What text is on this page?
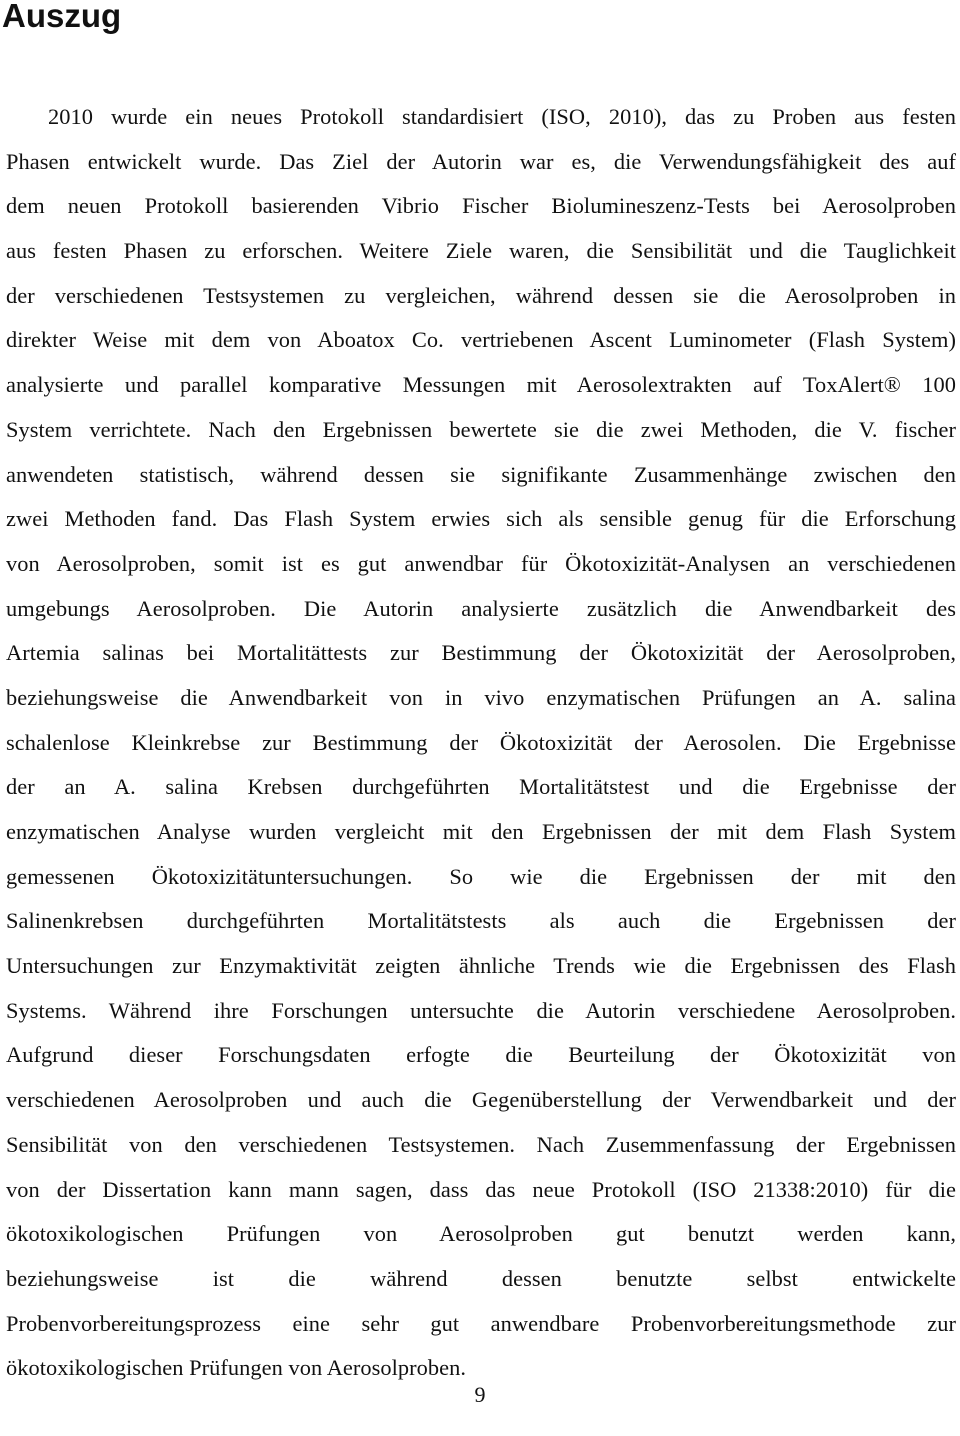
Auszug
2010 wurde ein neues Protokoll standardisiert (ISO, 2010), das zu Proben aus festen
Phasen entwickelt wurde. Das Ziel der Autorin war es, die Verwendungsfähigkeit des auf
dem neuen Protokoll basierenden Vibrio Fischer Biolumineszenz-Tests bei Aerosolproben
aus festen Phasen zu erforschen. Weitere Ziele waren, die Sensibilität und die Tauglichkeit
der verschiedenen Testsystemen zu vergleichen, während dessen sie die Aerosolproben in
direkter Weise mit dem von Aboatox Co. vertriebenen Ascent Luminometer (Flash System)
analysierte und parallel komparative Messungen mit Aerosolextrakten auf ToxAlert® 100
System verrichtete. Nach den Ergebnissen bewertete sie die zwei Methoden, die V. fischer
anwendeten statistisch, während dessen sie signifikante Zusammenhänge zwischen den
zwei Methoden fand. Das Flash System erwies sich als sensible genug für die Erforschung
von Aerosolproben, somit ist es gut anwendbar für Ökotoxizität-Analysen an verschiedenen
umgebungs Aerosolproben. Die Autorin analysierte zusätzlich die Anwendbarkeit des
Artemia salinas bei Mortalitättests zur Bestimmung der Ökotoxizität der Aerosolproben,
beziehungsweise die Anwendbarkeit von in vivo enzymatischen Prüfungen an A. salina
schalenlose Kleinkrebse zur Bestimmung der Ökotoxizität der Aerosolen. Die Ergebnisse
der an A. salina Krebsen durchgeführten Mortalitätstest und die Ergebnisse der
enzymatischen Analyse wurden vergleicht mit den Ergebnissen der mit dem Flash System
gemessenen Ökotoxizitätuntersuchungen. So wie die Ergebnissen der mit den
Salinenkrebsen durchgeführten Mortalitätstests als auch die Ergebnissen der
Untersuchungen zur Enzymaktivität zeigten ähnliche Trends wie die Ergebnissen des Flash
Systems. Während ihre Forschungen untersuchte die Autorin verschiedene Aerosolproben.
Aufgrund dieser Forschungsdaten erfogte die Beurteilung der Ökotoxizität von
verschiedenen Aerosolproben und auch die Gegenüberstellung der Verwendbarkeit und der
Sensibilität von den verschiedenen Testsystemen. Nach Zusemmenfassung der Ergebnissen
von der Dissertation kann mann sagen, dass das neue Protokoll (ISO 21338:2010) für die
ökotoxikologischen Prüfungen von Aerosolproben gut benutzt werden kann,
beziehungsweise ist die während dessen benutzte selbst entwickelte
Probenvorbereitungsprozess eine sehr gut anwendbare Probenvorbereitungsmethode zur
ökotoxikologischen Prüfungen von Aerosolproben.
9
